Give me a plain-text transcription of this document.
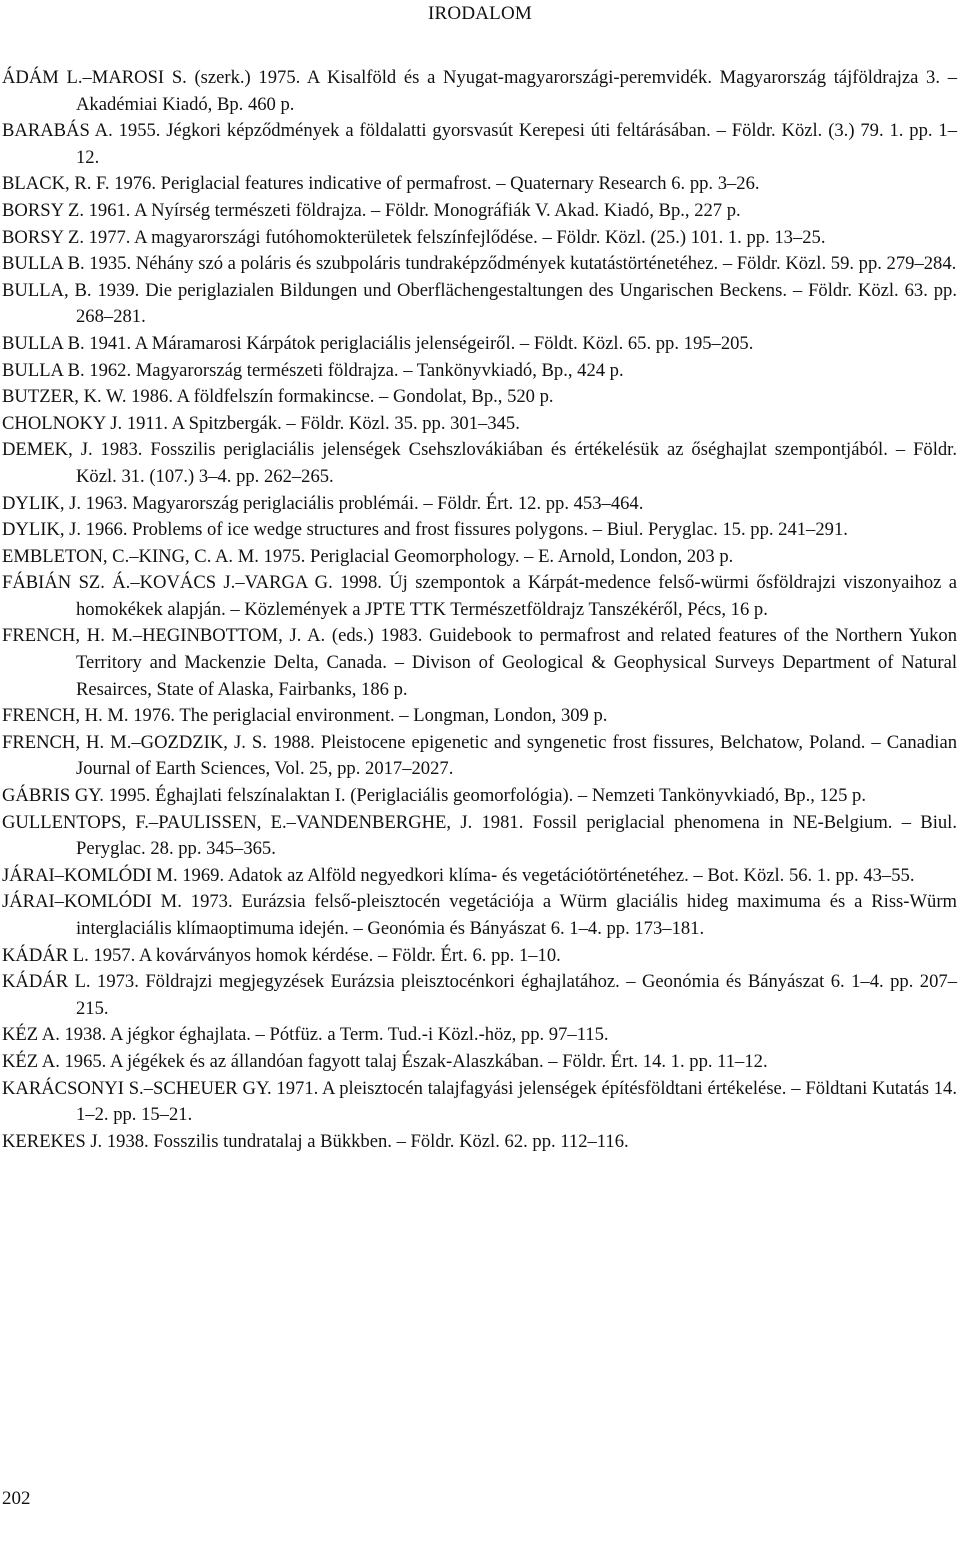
IRODALOM
ÁDÁM L.–MAROSI S. (szerk.) 1975. A Kisalföld és a Nyugat-magyarországi-peremvidék. Magyarország tájföldrajza 3. – Akadémiai Kiadó, Bp. 460 p.
BARABÁS A. 1955. Jégkori képződmények a földalatti gyorsvasút Kerepesi úti feltárásában. – Földr. Közl. (3.) 79. 1. pp. 1–12.
BLACK, R. F. 1976. Periglacial features indicative of permafrost. – Quaternary Research 6. pp. 3–26.
BORSY Z. 1961. A Nyírség természeti földrajza. – Földr. Monográfiák V. Akad. Kiadó, Bp., 227 p.
BORSY Z. 1977. A magyarországi futóhomokterületek felszínfejlődése. – Földr. Közl. (25.) 101. 1. pp. 13–25.
BULLA B. 1935. Néhány szó a poláris és szubpoláris tundraképződmények kutatástörténetéhez. – Földr. Közl. 59. pp. 279–284.
BULLA, B. 1939. Die periglazialen Bildungen und Oberflächengestaltungen des Ungarischen Beckens. – Földr. Közl. 63. pp. 268–281.
BULLA B. 1941. A Máramarosi Kárpátok periglaciális jelenségeiről. – Földt. Közl. 65. pp. 195–205.
BULLA B. 1962. Magyarország természeti földrajza. – Tankönyvkiadó, Bp., 424 p.
BUTZER, K. W. 1986. A földfelszín formakincse. – Gondolat, Bp., 520 p.
CHOLNOKY J. 1911. A Spitzbergák. – Földr. Közl. 35. pp. 301–345.
DEMEK, J. 1983. Fosszilis periglaciális jelenségek Csehszlovákiában és értékelésük az őséghajlat szempontjából. – Földr. Közl. 31. (107.) 3–4. pp. 262–265.
DYLIK, J. 1963. Magyarország periglaciális problémái. – Földr. Ért. 12. pp. 453–464.
DYLIK, J. 1966. Problems of ice wedge structures and frost fissures polygons. – Biul. Peryglac. 15. pp. 241–291.
EMBLETON, C.–KING, C. A. M. 1975. Periglacial Geomorphology. – E. Arnold, London, 203 p.
FÁBIÁN SZ. Á.–KOVÁCS J.–VARGA G. 1998. Új szempontok a Kárpát-medence felső-würmi ősföldrajzi viszonyaihoz a homokékek alapján. – Közlemények a JPTE TTK Természetföldrajz Tanszékéről, Pécs, 16 p.
FRENCH, H. M.–HEGINBOTTOM, J. A. (eds.) 1983. Guidebook to permafrost and related features of the Northern Yukon Territory and Mackenzie Delta, Canada. – Divison of Geological & Geophysical Surveys Department of Natural Resairces, State of Alaska, Fairbanks, 186 p.
FRENCH, H. M. 1976. The periglacial environment. – Longman, London, 309 p.
FRENCH, H. M.–GOZDZIK, J. S. 1988. Pleistocene epigenetic and syngenetic frost fissures, Belchatow, Poland. – Canadian Journal of Earth Sciences, Vol. 25, pp. 2017–2027.
GÁBRIS GY. 1995. Éghajlati felszínalaktan I. (Periglaciális geomorfológia). – Nemzeti Tankönyvkiadó, Bp., 125 p.
GULLENTOPS, F.–PAULISSEN, E.–VANDENBERGHE, J. 1981. Fossil periglacial phenomena in NE-Belgium. – Biul. Peryglac. 28. pp. 345–365.
JÁRAI–KOMLÓDI M. 1969. Adatok az Alföld negyedkori klíma- és vegetációtörténetéhez. – Bot. Közl. 56. 1. pp. 43–55.
JÁRAI–KOMLÓDI M. 1973. Eurázsia felső-pleisztocén vegetációja a Würm glaciális hideg maximuma és a Riss-Würm interglaciális klímaoptimuma idején. – Geonómia és Bányászat 6. 1–4. pp. 173–181.
KÁDÁR L. 1957. A kovárványos homok kérdése. – Földr. Ért. 6. pp. 1–10.
KÁDÁR L. 1973. Földrajzi megjegyzések Eurázsia pleisztocénkori éghajlatához. – Geonómia és Bányászat 6. 1–4. pp. 207–215.
KÉZ A. 1938. A jégkor éghajlata. – Pótfüz. a Term. Tud.-i Közl.-höz, pp. 97–115.
KÉZ A. 1965. A jégékek és az állandóan fagyott talaj Észak-Alaszkában. – Földr. Ért. 14. 1. pp. 11–12.
KARÁCSONYI S.–SCHEUER GY. 1971. A pleisztocén talajfagyási jelenségek építésföldtani értékelése. – Földtani Kutatás 14. 1–2. pp. 15–21.
KEREKES J. 1938. Fosszilis tundratalaj a Bükkben. – Földr. Közl. 62. pp. 112–116.
202
